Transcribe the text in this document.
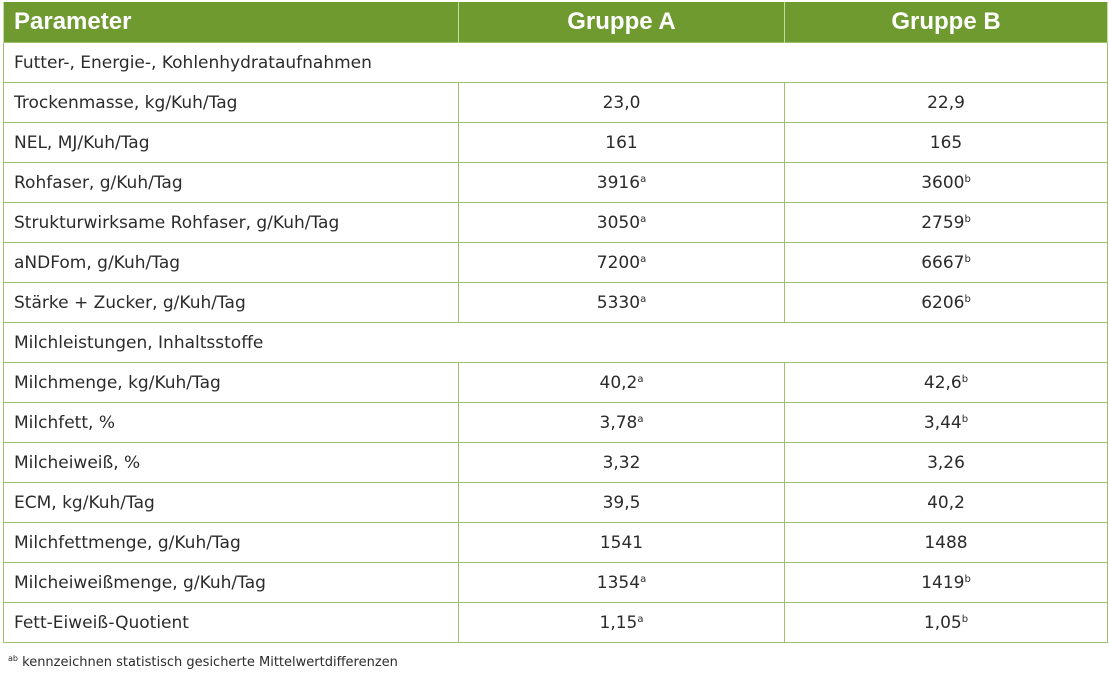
Parameter	Gruppe A	Gruppe B
Futter-, Energie-, Kohlenhydrataufnahmen		
Trockenmasse, kg/Kuh/Tag	23,0	22,9
NEL, MJ/Kuh/Tag	161	165
Rohfaser, g/Kuh/Tag	3916$^a$	3600$^b$
Strukturwirksame Rohfaser, g/Kuh/Tag	3050$^a$	2759$^b$
aNDFom, g/Kuh/Tag	7200$^a$	6667$^b$
Stärke + Zucker, g/Kuh/Tag	5330$^a$	6206$^b$
Milchleistungen, Inhaltsstoffe		
Milchmenge, kg/Kuh/Tag	40,2$^a$	42,6$^b$
Milchfett, %	3,78$^a$	3,44$^b$
Milcheiweiß, %	3,32	3,26
ECM, kg/Kuh/Tag	39,5	40,2
Milchfettmenge, g/Kuh/Tag	1541	1488
Milcheiweißmenge, g/Kuh/Tag	1354$^a$	1419$^b$
Fett-Eiweiß-Quotient	1,15$^a$	1,05$^b$
$^{ab}$ kennzeichnen statistisch gesicherte Mittelwertdifferenzen
